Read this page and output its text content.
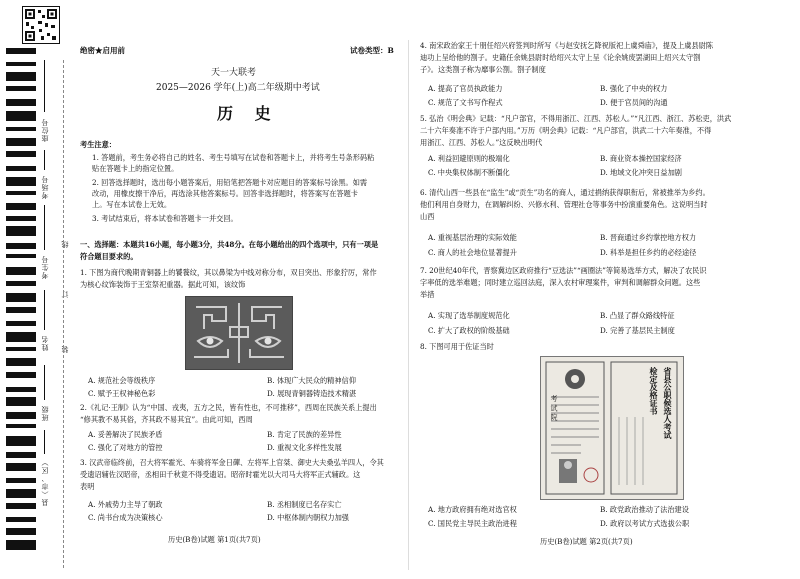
座位号
考场号
考生号
姓名
班级
县（市、区）
线
订
装
绝密★启用前	试卷类型：B
天一大联考
2025—2026 学年(上)高二年级期中考试
历 史
考生注意：
1. 答题前，考生务必将自己的姓名、考生号填写在试卷和答题卡上，并将考生号条形码粘
贴在答题卡上的指定位置。
2. 回答选择题时，选出每小题答案后，用铅笔把答题卡对应题目的答案标号涂黑。如需
改动，用橡皮擦干净后，再选涂其他答案标号。回答非选择题时，将答案写在答题卡
上。写在本试卷上无效。
3. 考试结束后，将本试卷和答题卡一并交回。
一、选择题：本题共16小题，每小题3分，共48分。在每小题给出的四个选项中，只有一项是
符合题目要求的。
1. 下图为商代晚期青铜器上的饕餮纹，其以鼻梁为中线对称分布，双目突出、形象狞厉，常作
为核心纹饰装饰于王室祭祀重器。据此可知，该纹饰
A. 规范社会等级秩序	B. 体现广大民众的精神信仰
C. 赋予王权神秘色彩	D. 展现青铜器铸造技术精湛
2.《礼记·王制》认为“中国、戎夷，五方之民，皆有性也，不可推移”，西周在民族关系上提出
“修其教不易其俗，齐其政不易其宜”。由此可知，西周
A. 妥善解决了民族矛盾	B. 肯定了民族的差异性
C. 强化了对地方的管控	D. 重视文化多样性发展
3. 汉武帝临终前，召大将军霍光、车骑将军金日磾、左将军上官桀、御史大夫桑弘羊四人，令其
受遗诏辅佐汉昭帝，丞相田千秋竟不得受遗诏。昭帝时霍光以大司马大将军正式辅政。这
表明
A. 外戚势力主导了朝政	B. 丞相制度已名存实亡
C. 尚书台成为决策核心	D. 中枢体制内朝权力加强
历史(B卷)试题 第1页(共7页)
4. 南宋政治家王十朋任绍兴府签判时所写《与赵安抚乞降祝版祀上虞舜庙》，提及上虞县尉陈
迪功上呈给他的劄子。史籍任余姚县尉时给绍兴太守上呈《论余姚废罢湖田上绍兴太守劄
子》。这类劄子称为靡事公劄。劄子制度
A. 提高了官员执政能力	B. 强化了中央的权力
C. 规范了文书写作程式	D. 便于官员间的沟通
5. 弘治《明会典》记载：“凡户部官，不得用浙江、江西、苏松人。”“凡江西、浙江、苏松吏，洪武
二十六年奏准不许于户部内用。”万历《明会典》记载：“凡户部官，洪武二十六年奏准，不得
用浙江、江西、苏松人。”这反映出明代
A. 利益回避原则的极端化	B. 商业资本操控国家经济
C. 中央集权体制不断僵化	D. 地域文化冲突日益加剧
6. 清代山西一些县在“监生”或“贡生”功名的商人，通过捐纳获得职衔后，常被推举为乡约。
他们利用自身财力，在调解纠纷、兴修水利、管理社仓等事务中扮演重要角色。这说明当时
山西
A. 重视基层治理的实际效能	B. 晋商通过乡约掌控地方权力
C. 商人的社会地位显著提升	D. 科举是担任乡约的必经途径
7. 20世纪40年代，晋察冀边区政府推行“豆选法”“画圈法”等简易选举方式，解决了农民识
字率低的选举难题；同时建立巡回法庭，深入农村审理案件，审判和调解群众问题。这些
举措
A. 实现了选举制度规范化	B. 凸显了群众路线特征
C. 扩大了政权的阶级基础	D. 完善了基层民主制度
8. 下图可用于佐证当时
考 试 院	省县公职候选人考试
检定及格证书
A. 地方政府拥有绝对选官权	B. 政党政治推动了法治建设
C. 国民党主导民主政治进程	D. 政府以考试方式选拔公职
历史(B卷)试题 第2页(共7页)
